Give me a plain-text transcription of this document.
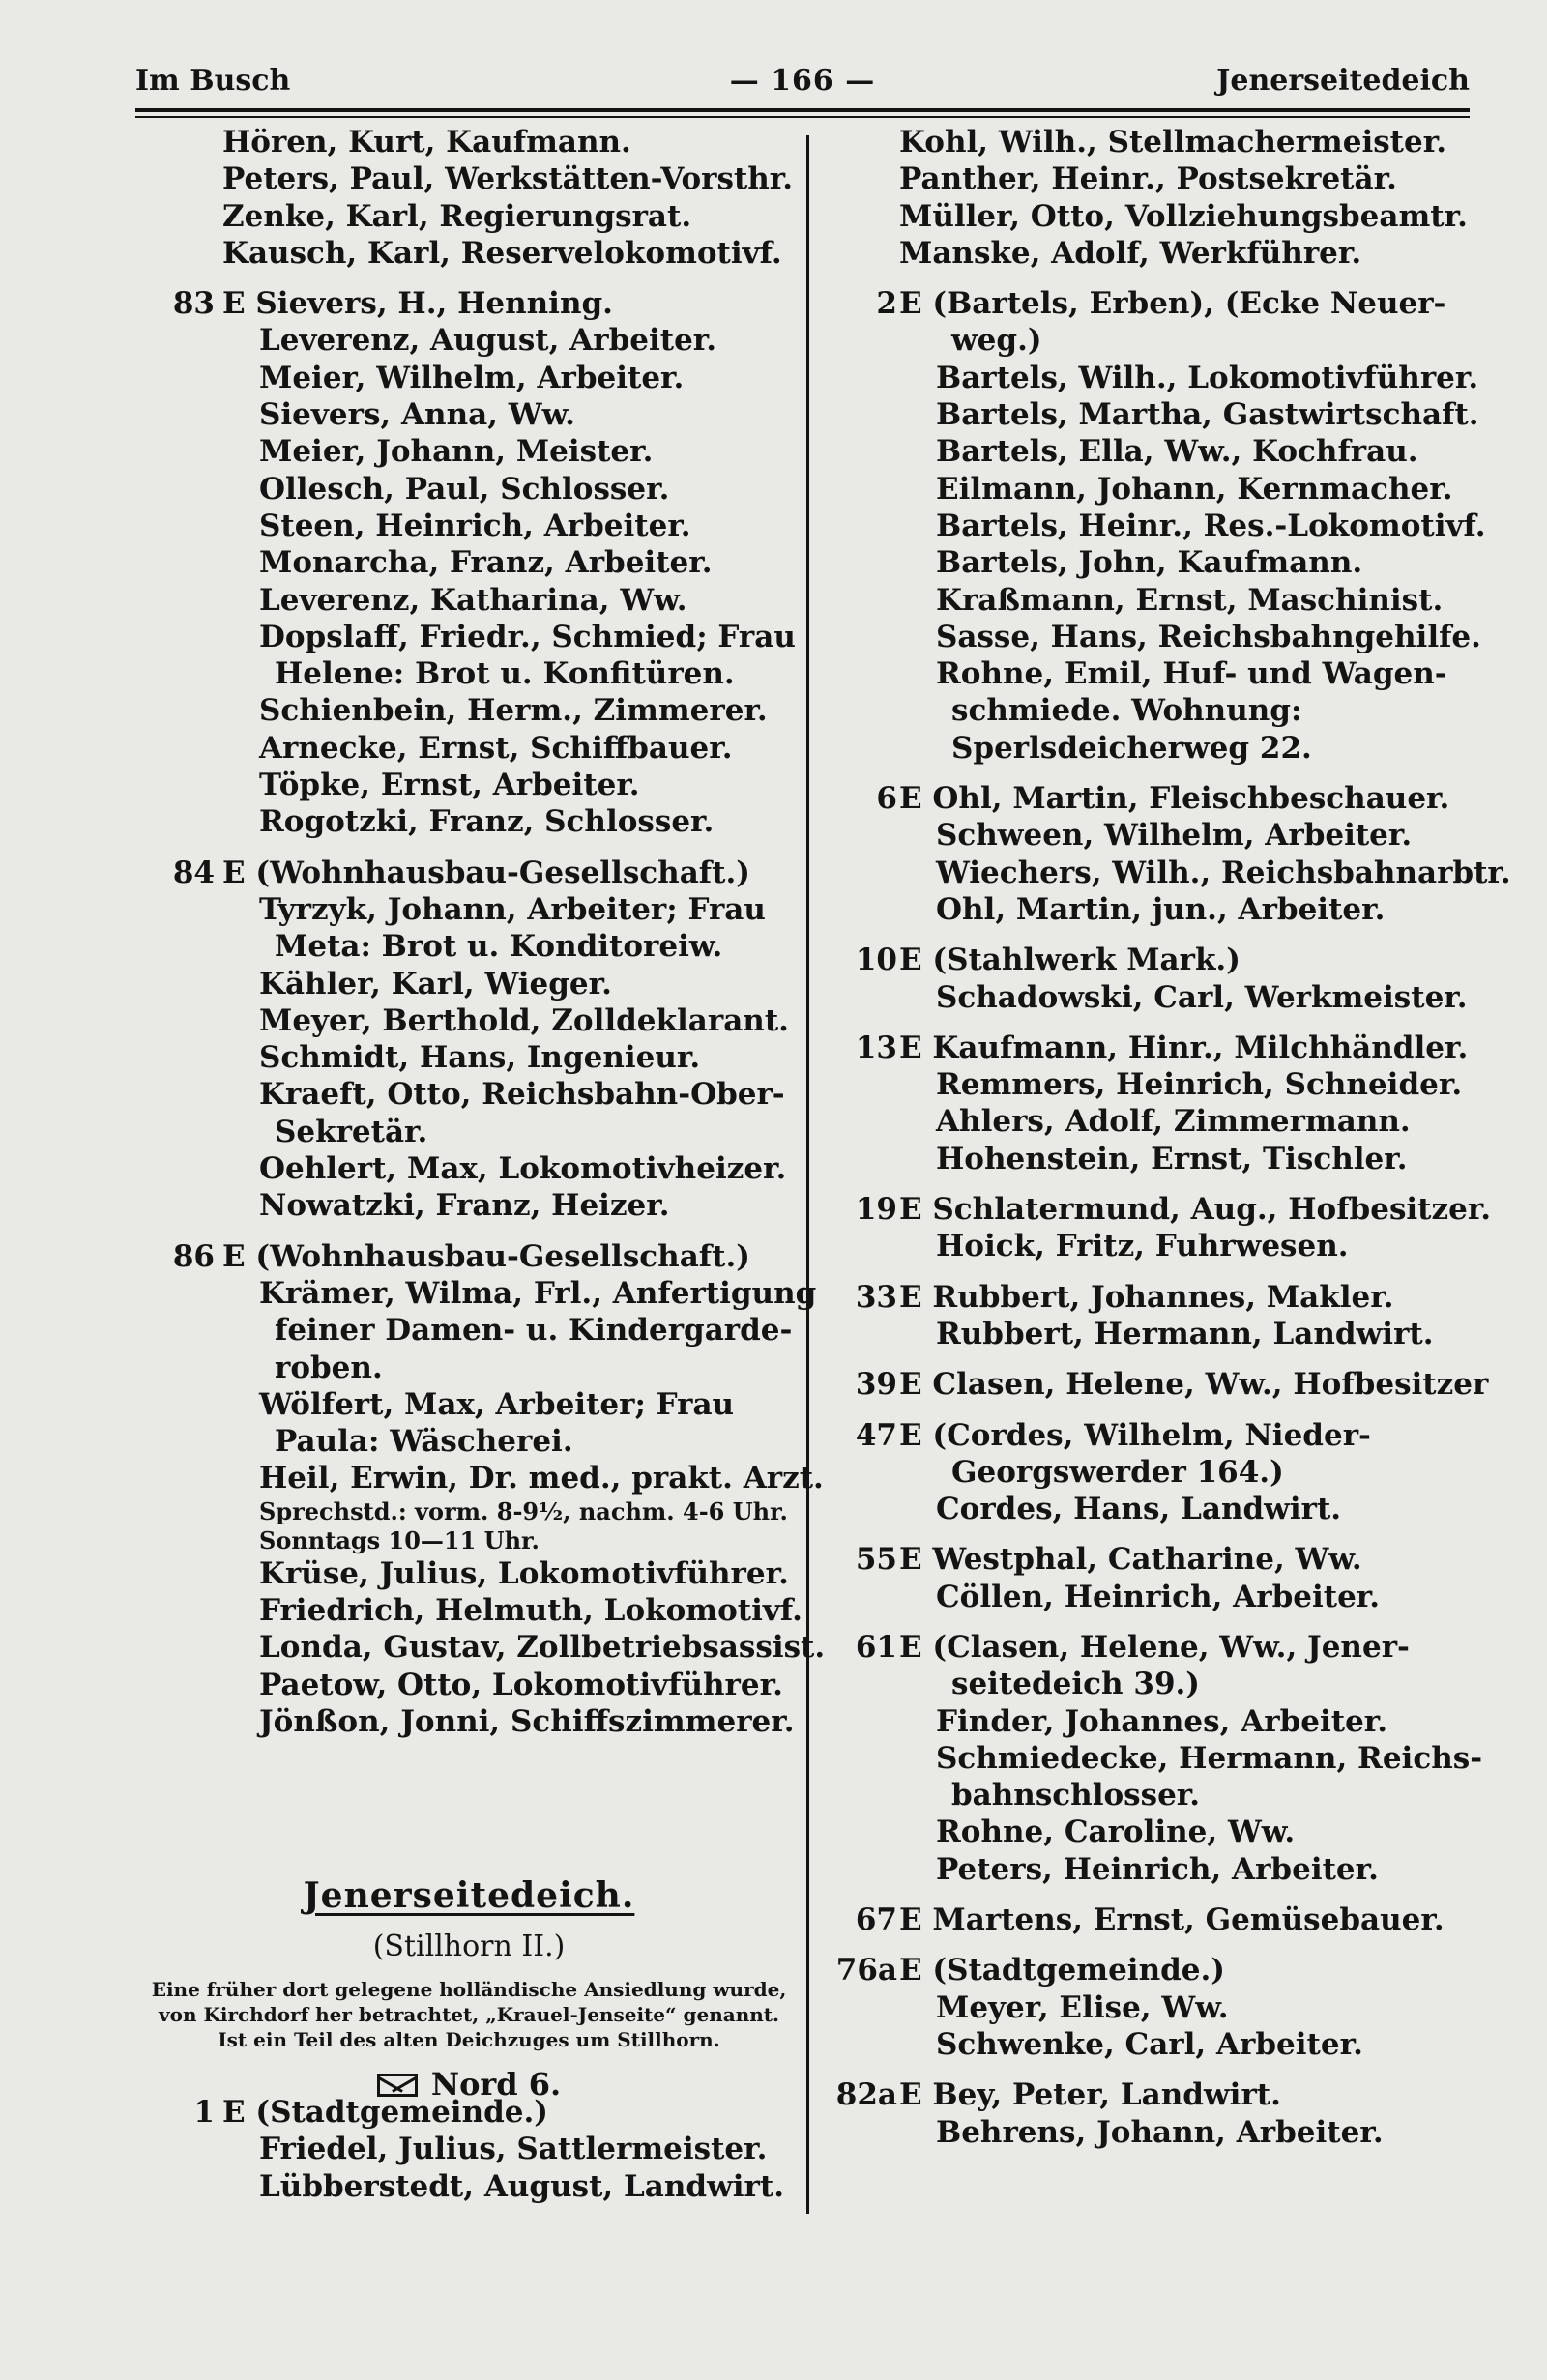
Im Busch	— 166 —	Jenerseitedeich
Hören, Kurt, Kaufmann.
Peters, Paul, Werkstätten-Vorsthr.
Zenke, Karl, Regierungsrat.
Kausch, Karl, Reservelokomotivf.
83 E Sievers, H., Henning.
Leverenz, August, Arbeiter.
Meier, Wilhelm, Arbeiter.
Sievers, Anna, Ww.
Meier, Johann, Meister.
Ollesch, Paul, Schlosser.
Steen, Heinrich, Arbeiter.
Monarcha, Franz, Arbeiter.
Leverenz, Katharina, Ww.
Dopslaff, Friedr., Schmied; Frau
Helene: Brot u. Konfitüren.
Schienbein, Herm., Zimmerer.
Arnecke, Ernst, Schiffbauer.
Töpke, Ernst, Arbeiter.
Rogotzki, Franz, Schlosser.
84 E (Wohnhausbau-Gesellschaft.)
Tyrzyk, Johann, Arbeiter; Frau
Meta: Brot u. Konditoreiw.
Kähler, Karl, Wieger.
Meyer, Berthold, Zolldeklarant.
Schmidt, Hans, Ingenieur.
Kraeft, Otto, Reichsbahn-Ober-
Sekretär.
Oehlert, Max, Lokomotivheizer.
Nowatzki, Franz, Heizer.
86 E (Wohnhausbau-Gesellschaft.)
Krämer, Wilma, Frl., Anfertigung
feiner Damen- u. Kindergarde-
roben.
Wölfert, Max, Arbeiter; Frau
Paula: Wäscherei.
Heil, Erwin, Dr. med., prakt. Arzt.
Sprechstd.: vorm. 8-9½, nachm. 4-6 Uhr.
Sonntags 10—11 Uhr.
Krüse, Julius, Lokomotivführer.
Friedrich, Helmuth, Lokomotivf.
Londa, Gustav, Zollbetriebsassist.
Paetow, Otto, Lokomotivführer.
Jönßon, Jonni, Schiffszimmerer.
Jenerseitedeich.
(Stillhorn II.)
Eine früher dort gelegene holländische Ansiedlung wurde,
von Kirchdorf her betrachtet, „Krauel-Jenseite“ genannt.
Ist ein Teil des alten Deichzuges um Stillhorn.
Nord 6.
1 E (Stadtgemeinde.)
Friedel, Julius, Sattlermeister.
Lübberstedt, August, Landwirt.
Kohl, Wilh., Stellmachermeister.
Panther, Heinr., Postsekretär.
Müller, Otto, Vollziehungsbeamtr.
Manske, Adolf, Werkführer.
2 E (Bartels, Erben), (Ecke Neuer-
weg.)
Bartels, Wilh., Lokomotivführer.
Bartels, Martha, Gastwirtschaft.
Bartels, Ella, Ww., Kochfrau.
Eilmann, Johann, Kernmacher.
Bartels, Heinr., Res.-Lokomotivf.
Bartels, John, Kaufmann.
Kraßmann, Ernst, Maschinist.
Sasse, Hans, Reichsbahngehilfe.
Rohne, Emil, Huf- und Wagen-
schmiede. Wohnung:
Sperlsdeicherweg 22.
6 E Ohl, Martin, Fleischbeschauer.
Schween, Wilhelm, Arbeiter.
Wiechers, Wilh., Reichsbahnarbtr.
Ohl, Martin, jun., Arbeiter.
10 E (Stahlwerk Mark.)
Schadowski, Carl, Werkmeister.
13 E Kaufmann, Hinr., Milchhändler.
Remmers, Heinrich, Schneider.
Ahlers, Adolf, Zimmermann.
Hohenstein, Ernst, Tischler.
19 E Schlatermund, Aug., Hofbesitzer.
Hoick, Fritz, Fuhrwesen.
33 E Rubbert, Johannes, Makler.
Rubbert, Hermann, Landwirt.
39 E Clasen, Helene, Ww., Hofbesitzer
47 E (Cordes, Wilhelm, Nieder-
Georgswerder 164.)
Cordes, Hans, Landwirt.
55 E Westphal, Catharine, Ww.
Cöllen, Heinrich, Arbeiter.
61 E (Clasen, Helene, Ww., Jener-
seitedeich 39.)
Finder, Johannes, Arbeiter.
Schmiedecke, Hermann, Reichs-
bahnschlosser.
Rohne, Caroline, Ww.
Peters, Heinrich, Arbeiter.
67 E Martens, Ernst, Gemüsebauer.
76a E (Stadtgemeinde.)
Meyer, Elise, Ww.
Schwenke, Carl, Arbeiter.
82a E Bey, Peter, Landwirt.
Behrens, Johann, Arbeiter.
